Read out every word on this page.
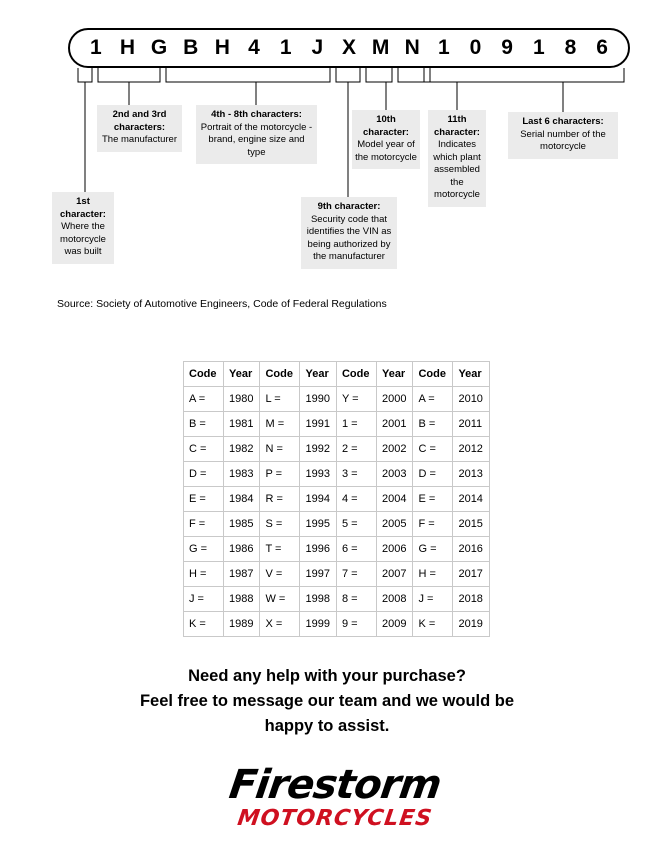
1 H G B H 4 1 J X M N 1 0 9 1 8 6
1st character:
Where the motorcycle was built
2nd and 3rd characters:
The manufacturer
4th - 8th characters:
Portrait of the motorcycle - brand, engine size and type
9th character:
Security code that identifies the VIN as being authorized by the manufacturer
10th character:
Model year of the motorcycle
11th character:
Indicates which plant assembled the motorcycle
Last 6 characters:
Serial number of the motorcycle
Source: Society of Automotive Engineers, Code of Federal Regulations
Code	Year	Code	Year	Code	Year	Code	Year
A =	1980	L =	1990	Y =	2000	A =	2010
B =	1981	M =	1991	1 =	2001	B =	2011
C =	1982	N =	1992	2 =	2002	C =	2012
D =	1983	P =	1993	3 =	2003	D =	2013
E =	1984	R =	1994	4 =	2004	E =	2014
F =	1985	S =	1995	5 =	2005	F =	2015
G =	1986	T =	1996	6 =	2006	G =	2016
H =	1987	V =	1997	7 =	2007	H =	2017
J =	1988	W =	1998	8 =	2008	J =	2018
K =	1989	X =	1999	9 =	2009	K =	2019
Need any help with your purchase?
Feel free to message our team and we would be
happy to assist.
Firestorm
MOTORCYCLES
